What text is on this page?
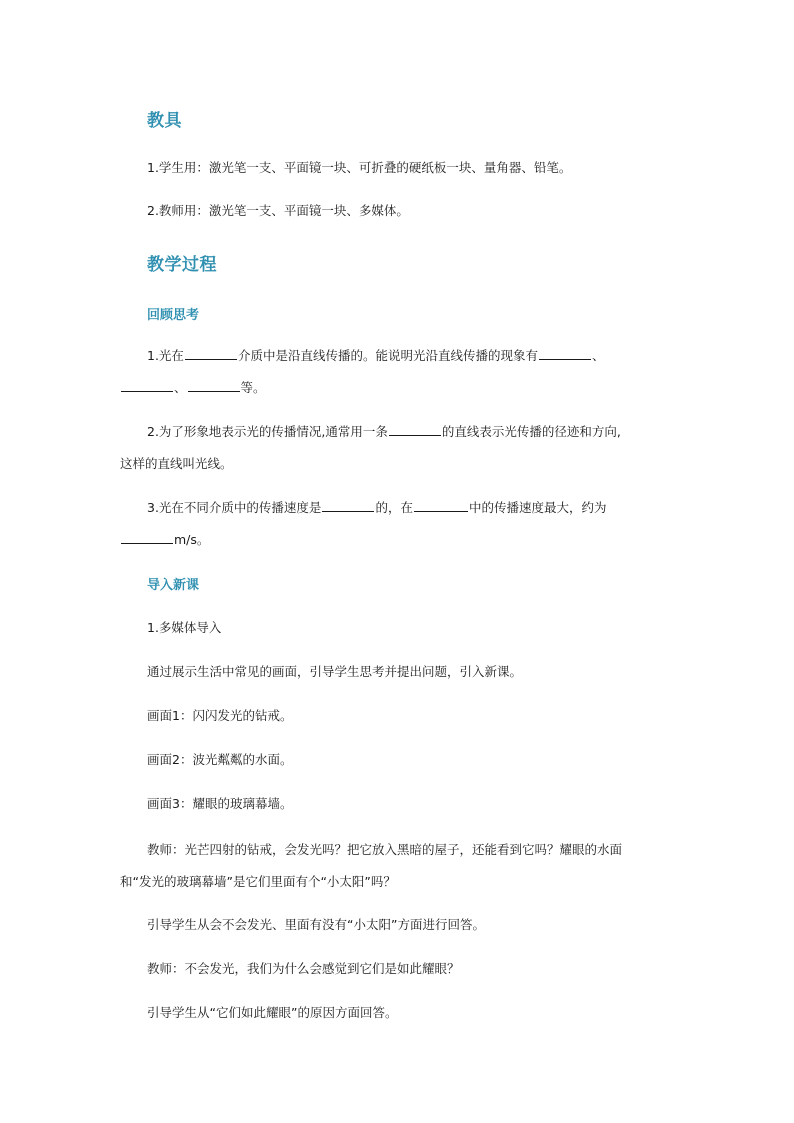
教具
1.学生用：激光笔一支、平面镜一块、可折叠的硬纸板一块、量角器、铅笔。
2.教师用：激光笔一支、平面镜一块、多媒体。
教学过程
回顾思考
1.光在	介质中是沿直线传播的。能说明光沿直线传播的现象有	、
、	等。
2.为了形象地表示光的传播情况,通常用一条	的直线表示光传播的径迹和方向,
这样的直线叫光线。
3.光在不同介质中的传播速度是	的，在	中的传播速度最大，约为
m/s。
导入新课
1.多媒体导入
通过展示生活中常见的画面，引导学生思考并提出问题，引入新课。
画面1：闪闪发光的钻戒。
画面2：波光粼粼的水面。
画面3：耀眼的玻璃幕墙。
教师：光芒四射的钻戒，会发光吗？把它放入黑暗的屋子，还能看到它吗？耀眼的水面
和“发光的玻璃幕墙”是它们里面有个“小太阳”吗？
引导学生从会不会发光、里面有没有“小太阳”方面进行回答。
教师：不会发光，我们为什么会感觉到它们是如此耀眼？
引导学生从“它们如此耀眼”的原因方面回答。
